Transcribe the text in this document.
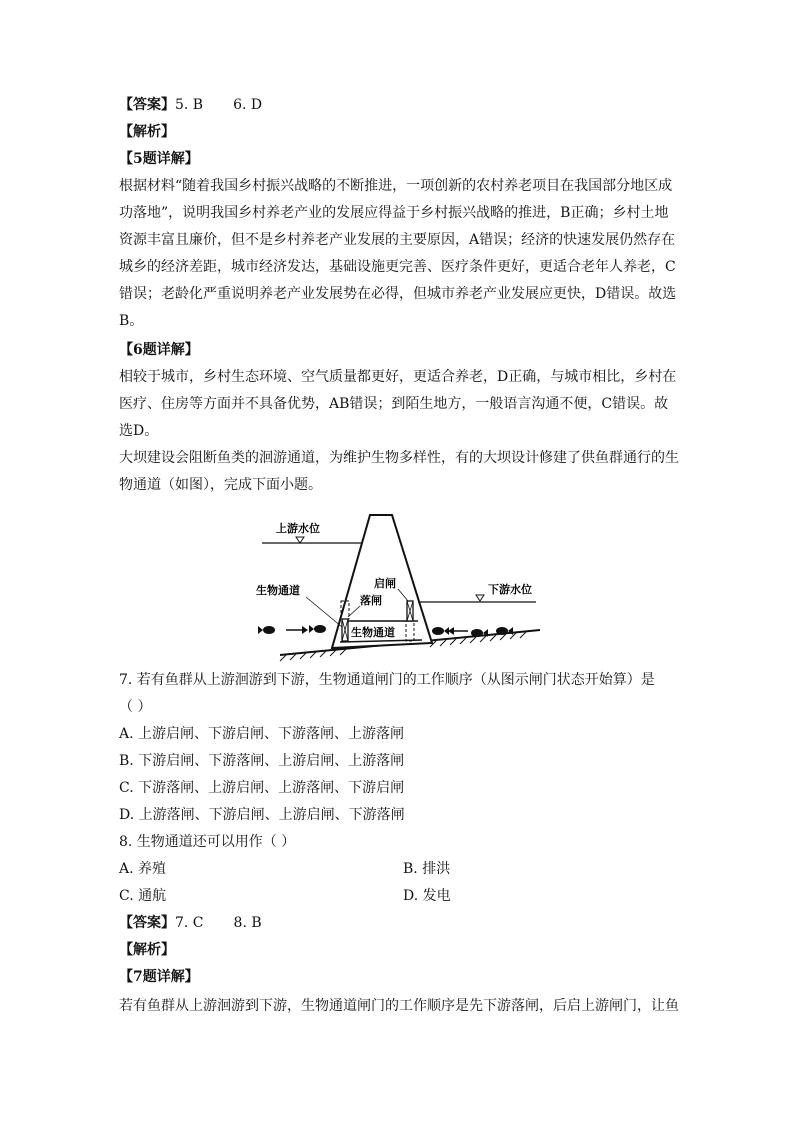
【答案】5. B 6. D
【解析】
【5题详解】
根据材料“随着我国乡村振兴战略的不断推进，一项创新的农村养老项目在我国部分地区成
功落地”，说明我国乡村养老产业的发展应得益于乡村振兴战略的推进，B正确；乡村土地
资源丰富且廉价，但不是乡村养老产业发展的主要原因，A错误；经济的快速发展仍然存在
城乡的经济差距，城市经济发达，基础设施更完善、医疗条件更好，更适合老年人养老，C
错误；老龄化严重说明养老产业发展势在必得，但城市养老产业发展应更快，D错误。故选
B。
【6题详解】
相较于城市，乡村生态环境、空气质量都更好，更适合养老，D正确，与城市相比，乡村在
医疗、住房等方面并不具备优势，AB错误；到陌生地方，一般语言沟通不便，C错误。故
选D。
大坝建设会阻断鱼类的洄游通道，为维护生物多样性，有的大坝设计修建了供鱼群通行的生
物通道（如图），完成下面小题。
上游水位
下游水位
启闸
落闸
生物通道
生物通道
7. 若有鱼群从上游洄游到下游，生物通道闸门的工作顺序（从图示闸门状态开始算）是
（ ）
A. 上游启闸、下游启闸、下游落闸、上游落闸
B. 下游启闸、下游落闸、上游启闸、上游落闸
C. 下游落闸、上游启闸、上游落闸、下游启闸
D. 上游落闸、下游启闸、上游启闸、下游落闸
8. 生物通道还可以用作（ ）
A. 养殖	B. 排洪
C. 通航	D. 发电
【答案】7. C 8. B
【解析】
【7题详解】
若有鱼群从上游洄游到下游，生物通道闸门的工作顺序是先下游落闸，后启上游闸门，让鱼
